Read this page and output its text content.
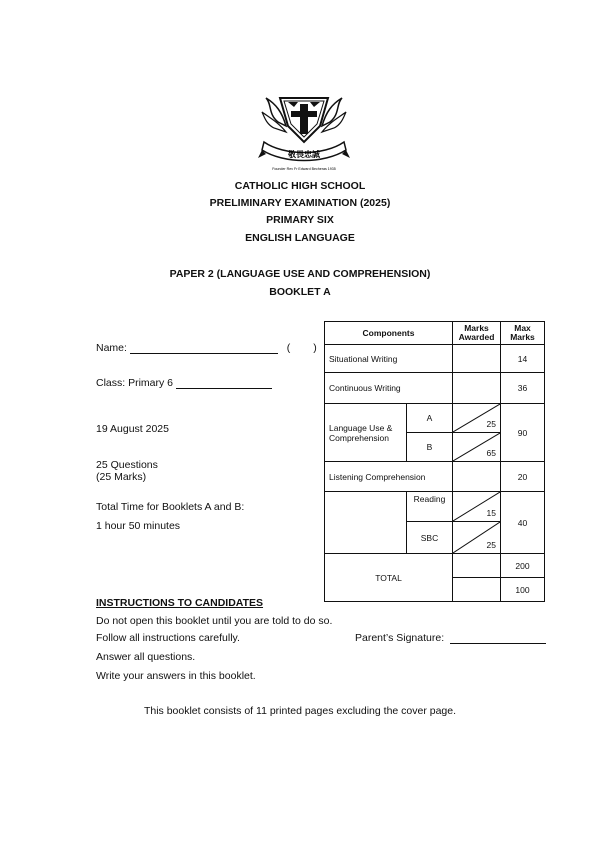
敬畏忠誠
Founder Rev Fr Edward Becheras 1935
CATHOLIC HIGH SCHOOL
PRELIMINARY EXAMINATION (2025)
PRIMARY SIX
ENGLISH LANGUAGE
PAPER 2 (LANGUAGE USE AND COMPREHENSION)
BOOKLET A
Name:	( )
Class: Primary 6
19 August 2025
25 Questions
(25 Marks)
Total Time for Booklets A and B:
1 hour 50 minutes
Components		Marks Awarded	Max Marks
Situational Writing			14
Continuous Writing			36
Language Use & Comprehension	A	25	90
	B	65	

Listening Comprehension			20
	Reading	15	40
	SBC	25	

TOTAL			200
			100
INSTRUCTIONS TO CANDIDATES
Do not open this booklet until you are told to do so.
Follow all instructions carefully.
Answer all questions.
Write your answers in this booklet.
Parent’s Signature:
This booklet consists of 11 printed pages excluding the cover page.
